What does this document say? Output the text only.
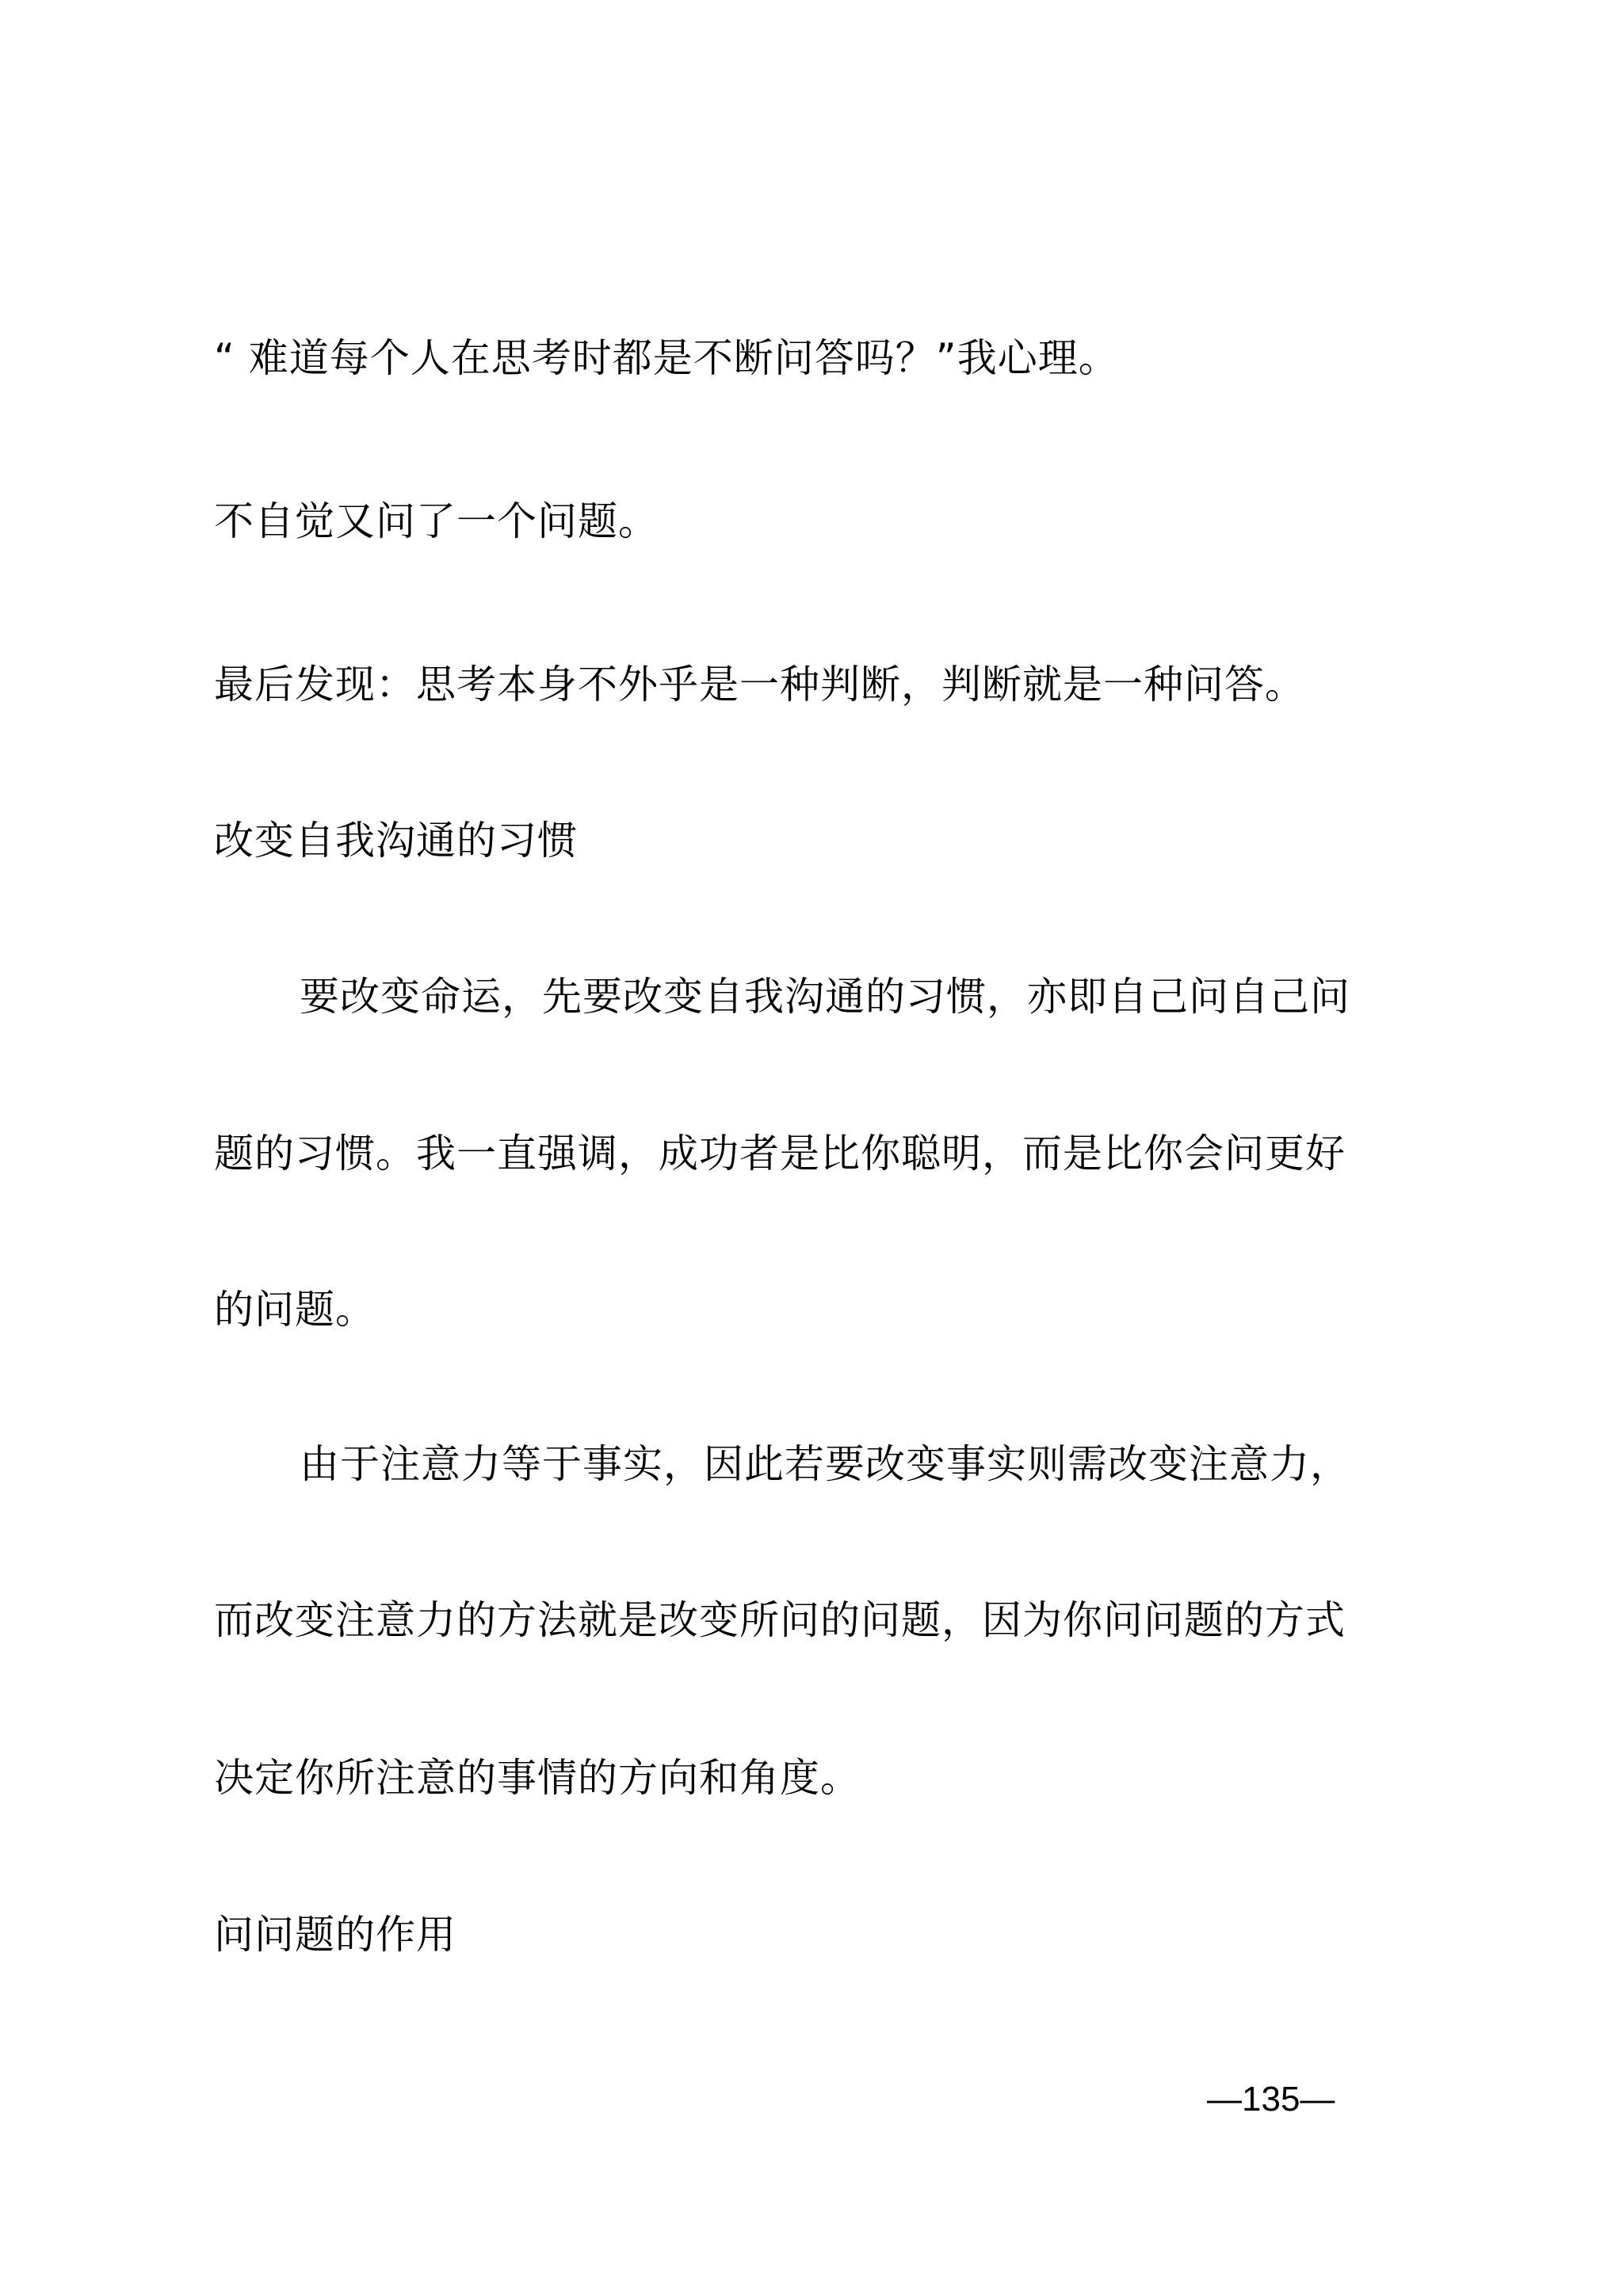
“ 难道每个人在思考时都是不断问答吗？”我心理。

不自觉又问了一个问题。

最后发现：思考本身不外乎是一种判断，判断就是一种问答。

改变自我沟通的习惯

要改变命运，先要改变自我沟通的习惯，亦即自己问自己问

题的习惯。我一直强调，成功者是比你聪明，而是比你会问更好

的问题。

由于注意力等于事实，因此若要改变事实则需改变注意力，

而改变注意力的方法就是改变所问的问题，因为你问问题的方式

决定你所注意的事情的方向和角度。

问问题的作用

—135—
